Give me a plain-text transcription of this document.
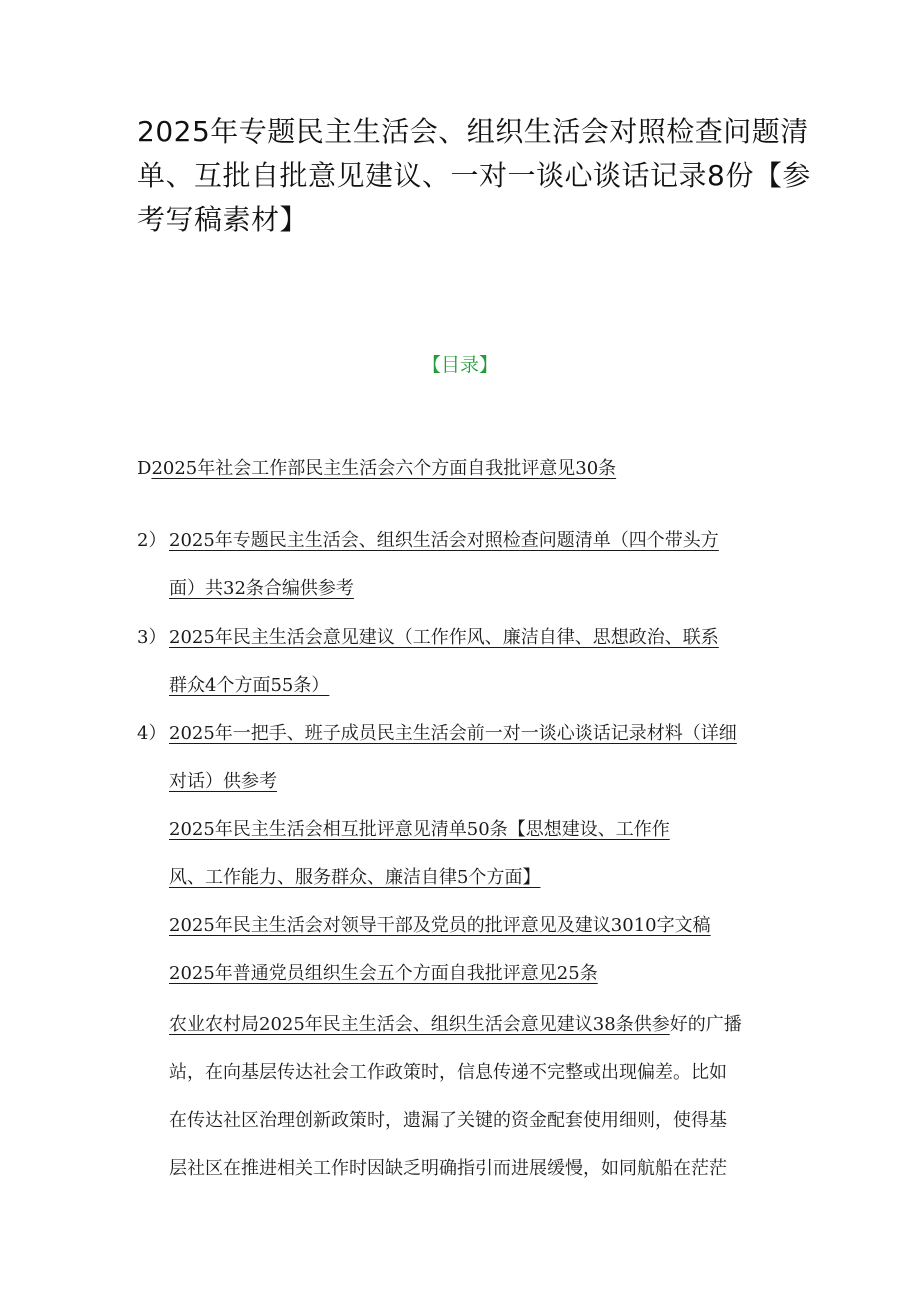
2025年专题民主生活会、组织生活会对照检查问题清
单、互批自批意见建议、一对一谈心谈话记录8份【参
考写稿素材】
【目录】
D2025年社会工作部民主生活会六个方面自我批评意见30条
2） 2025年专题民主生活会、组织生活会对照检查问题清单（四个带头方
面）共32条合编供参考
3） 2025年民主生活会意见建议（工作作风、廉洁自律、思想政治、联系
群众4个方面55条）
4） 2025年一把手、班子成员民主生活会前一对一谈心谈话记录材料（详细
对话）供参考
2025年民主生活会相互批评意见清单50条【思想建设、工作作
风、工作能力、服务群众、廉洁自律5个方面】
2025年民主生活会对领导干部及党员的批评意见及建议3010字文稿
2025年普通党员组织生会五个方面自我批评意见25条
农业农村局2025年民主生活会、组织生活会意见建议38条供参好的广播
站，在向基层传达社会工作政策时，信息传递不完整或出现偏差。比如
在传达社区治理创新政策时，遗漏了关键的资金配套使用细则，使得基
层社区在推进相关工作时因缺乏明确指引而进展缓慢，如同航船在茫茫
